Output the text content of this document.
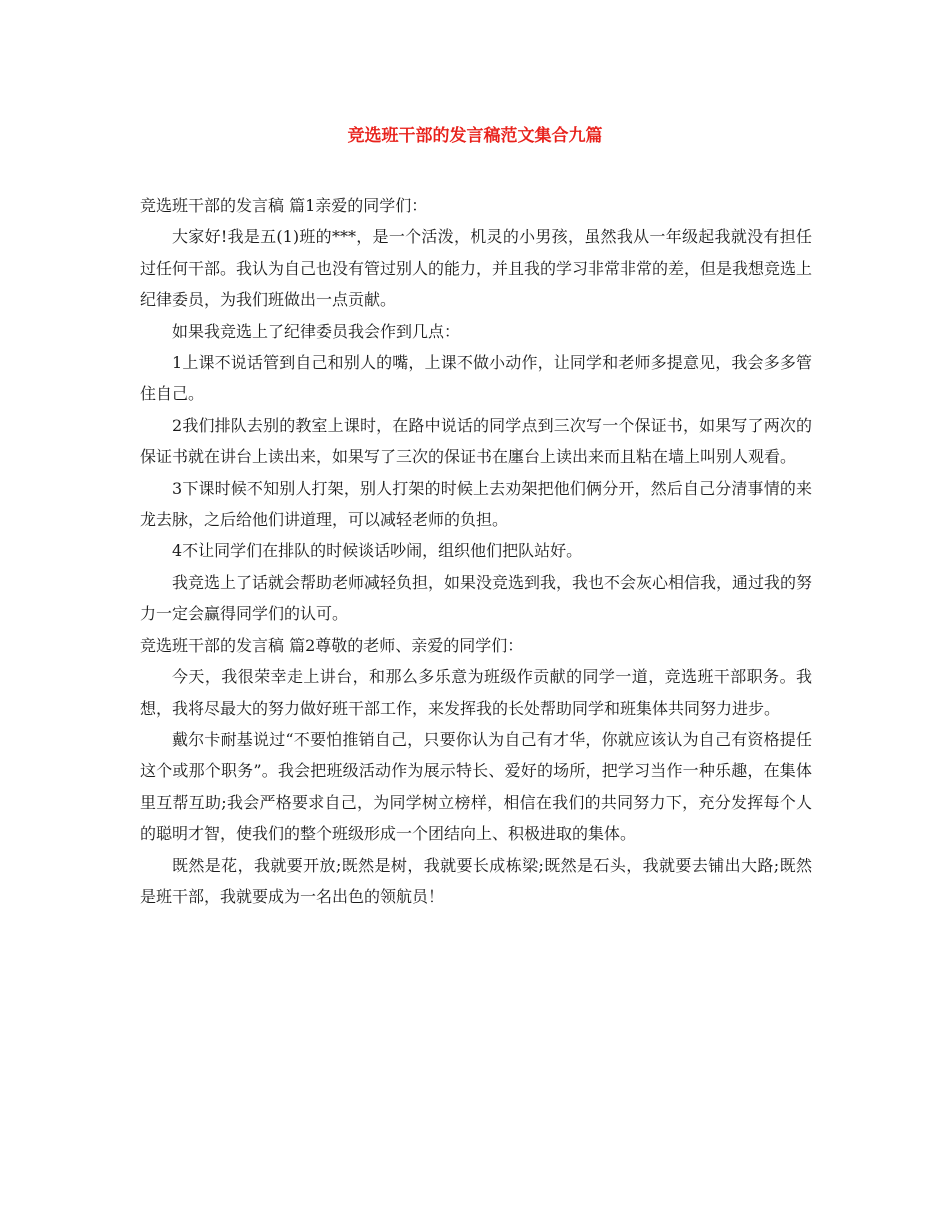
竞选班干部的发言稿范文集合九篇

竞选班干部的发言稿 篇1亲爱的同学们：

大家好!我是五(1)班的***，是一个活泼，机灵的小男孩，虽然我从一年级起我就没有担任过任何干部。我认为自己也没有管过别人的能力，并且我的学习非常非常的差，但是我想竞选上纪律委员，为我们班做出一点贡献。

如果我竞选上了纪律委员我会作到几点：

1上课不说话管到自己和别人的嘴，上课不做小动作，让同学和老师多提意见，我会多多管住自己。

2我们排队去别的教室上课时，在路中说话的同学点到三次写一个保证书，如果写了两次的保证书就在讲台上读出来，如果写了三次的保证书在廛台上读出来而且粘在墙上叫别人观看。

3下课时候不知别人打架，别人打架的时候上去劝架把他们俩分开，然后自己分清事情的来龙去脉，之后给他们讲道理，可以减轻老师的负担。

4不让同学们在排队的时候谈话吵闹，组织他们把队站好。

我竞选上了话就会帮助老师减轻负担，如果没竞选到我，我也不会灰心相信我，通过我的努力一定会赢得同学们的认可。

竞选班干部的发言稿 篇2尊敬的老师、亲爱的同学们：

今天，我很荣幸走上讲台，和那么多乐意为班级作贡献的同学一道，竞选班干部职务。我想，我将尽最大的努力做好班干部工作，来发挥我的长处帮助同学和班集体共同努力进步。

戴尔卡耐基说过“不要怕推销自己，只要你认为自己有才华，你就应该认为自己有资格提任这个或那个职务”。我会把班级活动作为展示特长、爱好的场所，把学习当作一种乐趣，在集体里互帮互助;我会严格要求自己，为同学树立榜样，相信在我们的共同努力下，充分发挥每个人的聪明才智，使我们的整个班级形成一个团结向上、积极进取的集体。

既然是花，我就要开放;既然是树，我就要长成栋梁;既然是石头，我就要去铺出大路;既然是班干部，我就要成为一名出色的领航员！
